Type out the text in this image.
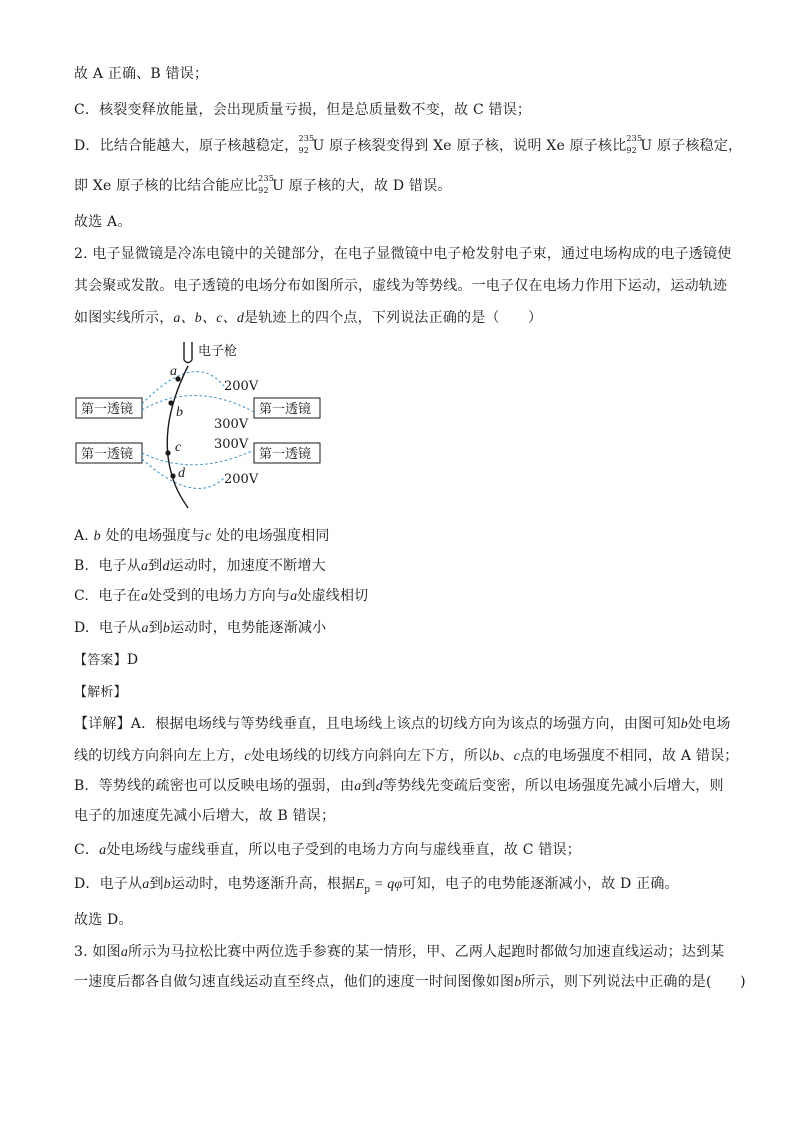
故 A 正确、B 错误；
C．核裂变释放能量，会出现质量亏损，但是总质量数不变，故 C 错误；
D．比结合能越大，原子核越稳定， 235
92 U 原子核裂变得到 Xe 原子核，说明 Xe 原子核比 235
92 U 原子核稳定，
即 Xe 原子核的比结合能应比 235
92 U 原子核的大，故 D 错误。
故选 A。
2. 电子显微镜是冷冻电镜中的关键部分，在电子显微镜中电子枪发射电子束，通过电场构成的电子透镜使
其会聚或发散。电子透镜的电场分布如图所示，虚线为等势线。一电子仅在电场力作用下运动，运动轨迹
如图实线所示，a、b、c、d是轨迹上的四个点，下列说法正确的是（　　）
电子枪
第一透镜	第一透镜
第一透镜	第一透镜
a
b
c
d
200V
300V
300V
200V
A. b 处的电场强度与c 处的电场强度相同
B.  电子从a到d运动时，加速度不断增大
C.  电子在a处受到的电场力方向与a处虚线相切
D.  电子从a到b运动时，电势能逐渐减小
【答案】D
【解析】
【详解】A．根据电场线与等势线垂直，且电场线上该点的切线方向为该点的场强方向，由图可知b处电场
线的切线方向斜向左上方，c处电场线的切线方向斜向左下方，所以b、c点的电场强度不相同，故 A 错误；
B．等势线的疏密也可以反映电场的强弱，由a到d等势线先变疏后变密，所以电场强度先减小后增大，则
电子的加速度先减小后增大，故 B 错误；
C．a处电场线与虚线垂直，所以电子受到的电场力方向与虚线垂直，故 C 错误；
D．电子从a到b运动时，电势逐渐升高，根据$E_p = q\varphi$可知，电子的电势能逐渐减小，故 D 正确。
故选 D。
3. 如图a所示为马拉松比赛中两位选手参赛的某一情形，甲、乙两人起跑时都做匀加速直线运动；达到某
一速度后都各自做匀速直线运动直至终点，他们的速度一时间图像如图b所示，则下列说法中正确的是(　　)
